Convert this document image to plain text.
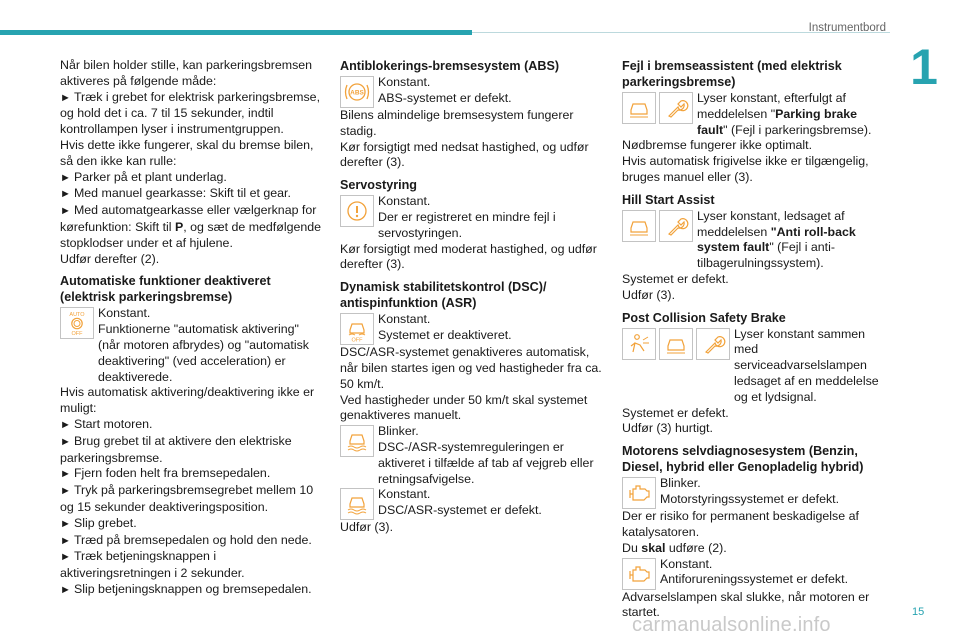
Instrumentbord
1

Når bilen holder stille, kan parkeringsbremsen aktiveres på følgende måde:

► Træk i grebet for elektrisk parkeringsbremse, og hold det i ca. 7 til 15 sekunder, indtil kontrollampen lyser i instrumentgruppen.

Hvis dette ikke fungerer, skal du bremse bilen, så den ikke kan rulle:

► Parker på et plant underlag.

► Med manuel gearkasse: Skift til et gear.

► Med automatgearkasse eller vælgerknap for kørefunktion: Skift til P, og sæt de medfølgende stopklodser under et af hjulene.

Udfør derefter (2).

Automatiske funktioner deaktiveret (elektrisk parkeringsbremse)

AUTO
OFF

Konstant.

Funktionerne "automatisk aktivering" (når motoren afbrydes) og "automatisk deaktivering" (ved acceleration) er deaktiverede.

Hvis automatisk aktivering/deaktivering ikke er muligt:

► Start motoren.

► Brug grebet til at aktivere den elektriske parkeringsbremse.

► Fjern foden helt fra bremsepedalen.

► Tryk på parkeringsbremsegrebet mellem 10 og 15 sekunder deaktiveringsposition.

► Slip grebet.

► Træd på bremsepedalen og hold den nede.

► Træk betjeningsknappen i aktiveringsretningen i 2 sekunder.

► Slip betjeningsknappen og bremsepedalen.

Antiblokerings-bremsesystem (ABS)

ABS

Konstant.

ABS-systemet er defekt.

Bilens almindelige bremsesystem fungerer stadig.

Kør forsigtigt med nedsat hastighed, og udfør derefter (3).

Servostyring

Konstant.

Der er registreret en mindre fejl i servostyringen.

Kør forsigtigt med moderat hastighed, og udfør derefter (3).

Dynamisk stabilitetskontrol (DSC)/ antispinfunktion (ASR)

OFF

Konstant.

Systemet er deaktiveret.

DSC/ASR-systemet genaktiveres automatisk, når bilen startes igen og ved hastigheder fra ca. 50 km/t.

Ved hastigheder under 50 km/t skal systemet genaktiveres manuelt.

Blinker.

DSC-/ASR-systemreguleringen er aktiveret i tilfælde af tab af vejgreb eller retningsafvigelse.

Konstant.

DSC/ASR-systemet er defekt.

Udfør (3).

Fejl i bremseassistent (med elektrisk parkeringsbremse)

Lyser konstant, efterfulgt af meddelelsen "Parking brake fault" (Fejl i parkeringsbremse).

Nødbremse fungerer ikke optimalt.

Hvis automatisk frigivelse ikke er tilgængelig, bruges manuel eller (3).

Hill Start Assist

Lyser konstant, ledsaget af meddelelsen "Anti roll-back system fault" (Fejl i anti-tilbagerulningssystem).

Systemet er defekt.

Udfør (3).

Post Collision Safety Brake

Lyser konstant sammen med serviceadvarselslampen ledsaget af en meddelelse og et lydsignal.

Systemet er defekt.

Udfør (3) hurtigt.

Motorens selvdiagnosesystem (Benzin, Diesel, hybrid eller Genopladelig hybrid)

Blinker.

Motorstyringssystemet er defekt.

Der er risiko for permanent beskadigelse af katalysatoren.

Du skal udføre (2).

Konstant.

Antiforureningssystemet er defekt.

Advarselslampen skal slukke, når motoren er startet.

carmanualsonline.info
15
